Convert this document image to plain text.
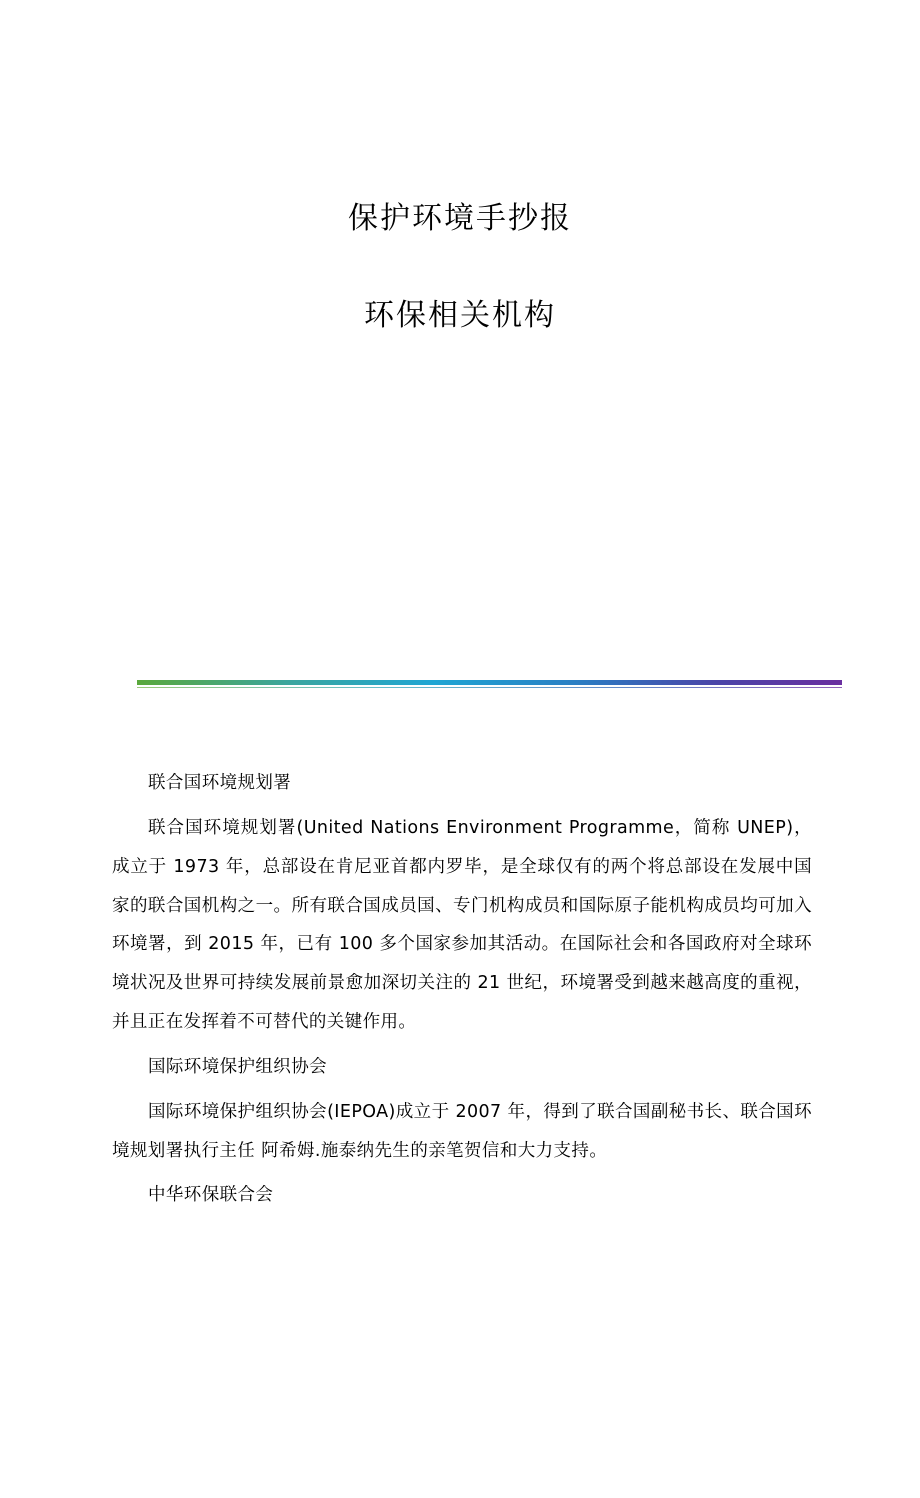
保护环境手抄报
环保相关机构

联合国环境规划署

联合国环境规划署(United Nations Environment Programme，简称 UNEP)，成立于 1973 年，总部设在肯尼亚首都内罗毕，是全球仅有的两个将总部设在发展中国家的联合国机构之一。所有联合国成员国、专门机构成员和国际原子能机构成员均可加入环境署，到 2015 年，已有 100 多个国家参加其活动。在国际社会和各国政府对全球环境状况及世界可持续发展前景愈加深切关注的 21 世纪，环境署受到越来越高度的重视，并且正在发挥着不可替代的关键作用。

国际环境保护组织协会

国际环境保护组织协会(IEPOA)成立于 2007 年，得到了联合国副秘书长、联合国环境规划署执行主任 阿希姆.施泰纳先生的亲笔贺信和大力支持。

中华环保联合会
